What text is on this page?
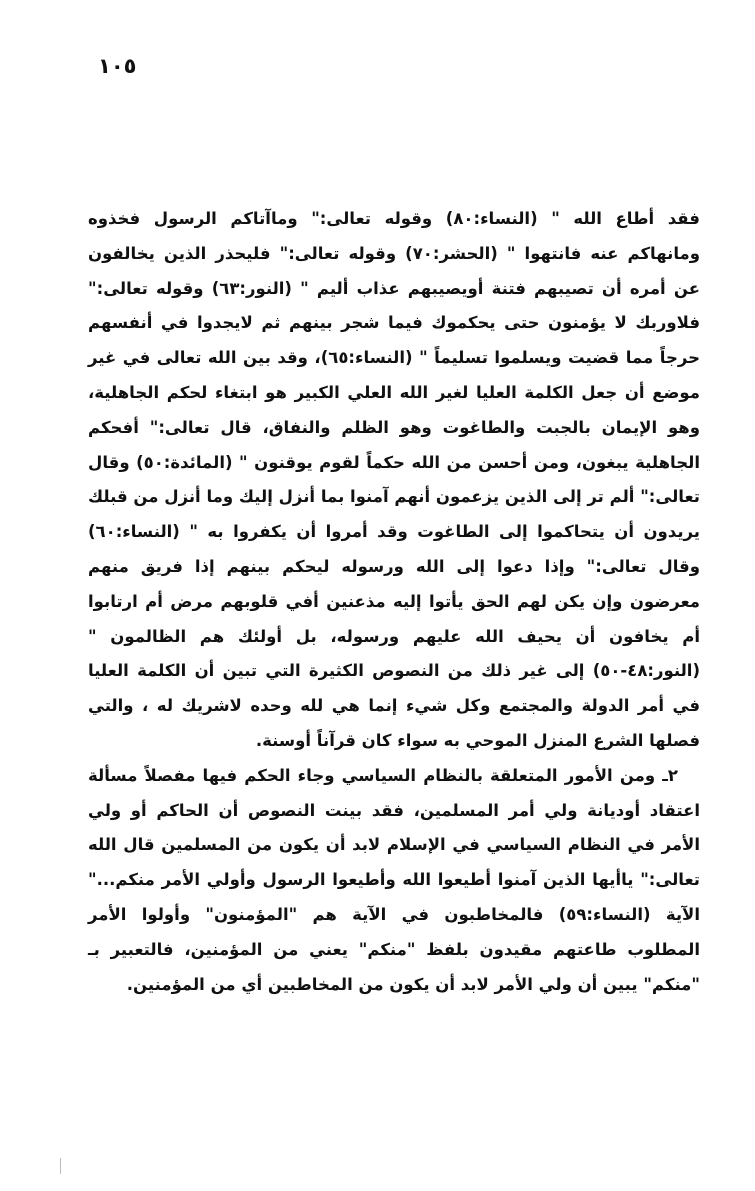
١٠٥

فقد أطاع الله " (النساء:٨٠) وقوله تعالى:" وماآتاكم الرسول فخذوه ومانهاكم عنه فانتهوا " (الحشر:٧٠) وقوله تعالى:" فليحذر الذين يخالفون عن أمره أن تصيبهم فتنة أويصيبهم عذاب أليم " (النور:٦٣) وقوله تعالى:" فلاوربك لا يؤمنون حتى يحكموك فيما شجر بينهم ثم لايجدوا في أنفسهم حرجاً مما قضيت ويسلموا تسليماً " (النساء:٦٥)، وقد بين الله تعالى في غير موضع أن جعل الكلمة العليا لغير الله العلي الكبير هو ابتغاء لحكم الجاهلية، وهو الإيمان بالجبت والطاغوت وهو الظلم والنفاق، قال تعالى:" أفحكم الجاهلية يبغون، ومن أحسن من الله حكماً لقوم يوقنون " (المائدة:٥٠) وقال تعالى:" ألم تر إلى الذين يزعمون أنهم آمنوا بما أنزل إليك وما أنزل من قبلك يريدون أن يتحاكموا إلى الطاغوت وقد أمروا أن يكفروا به " (النساء:٦٠) وقال تعالى:" وإذا دعوا إلى الله ورسوله ليحكم بينهم إذا فريق منهم معرضون وإن يكن لهم الحق يأتوا إليه مذعنين أفي قلوبهم مرض أم ارتابوا أم يخافون أن يحيف الله عليهم ورسوله، بل أولئك هم الظالمون " (النور:٤٨-٥٠) إلى غير ذلك من النصوص الكثيرة التي تبين أن الكلمة العليا في أمر الدولة والمجتمع وكل شيء إنما هي لله وحده لاشريك له ، والتي فصلها الشرع المنزل الموحي به سواء كان قرآناً أوسنة.

٢ـ ومن الأمور المتعلقة بالنظام السياسي وجاء الحكم فيها مفصلاً مسألة اعتقاد أوديانة ولي أمر المسلمين، فقد بينت النصوص أن الحاكم أو ولي الأمر في النظام السياسي في الإسلام لابد أن يكون من المسلمين قال الله تعالى:" ياأيها الذين آمنوا أطيعوا الله وأطيعوا الرسول وأولي الأمر منكم..." الآية (النساء:٥٩) فالمخاطبون في الآية هم "المؤمنون" وأولوا الأمر المطلوب طاعتهم مقيدون بلفظ "منكم" يعني من المؤمنين، فالتعبير بـ "منكم" يبين أن ولي الأمر لابد أن يكون من المخاطبين أي من المؤمنين.
